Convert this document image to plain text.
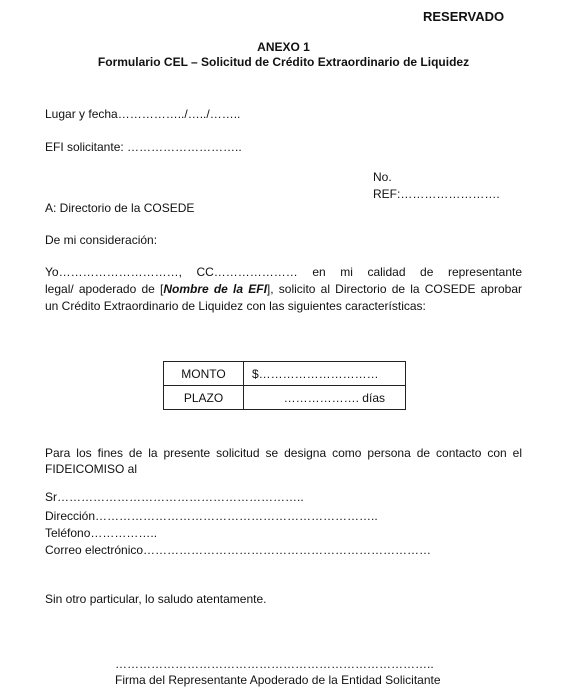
RESERVADO
ANEXO 1
Formulario CEL – Solicitud de Crédito Extraordinario de Liquidez
Lugar y fecha……………../…../……..
EFI solicitante: ………………………..
No.
REF:…………………….
A: Directorio de la COSEDE
De mi consideración:
Yo…………………………, CC………………… en mi calidad de representante
legal/ apoderado de [Nombre de la EFI], solicito al Directorio de la COSEDE aprobar
un Crédito Extraordinario de Liquidez con las siguientes características:
MONTO	$…………………………
PLAZO	………………. días
Para los fines de la presente solicitud se designa como persona de contacto con el
FIDEICOMISO al
Sr……………………………………………………..
Dirección……………………………………………………………..
Teléfono……………..
Correo electrónico………………………………………………………………
Sin otro particular, lo saludo atentamente.
……………………………………………………………………..
Firma del Representante Apoderado de la Entidad Solicitante
